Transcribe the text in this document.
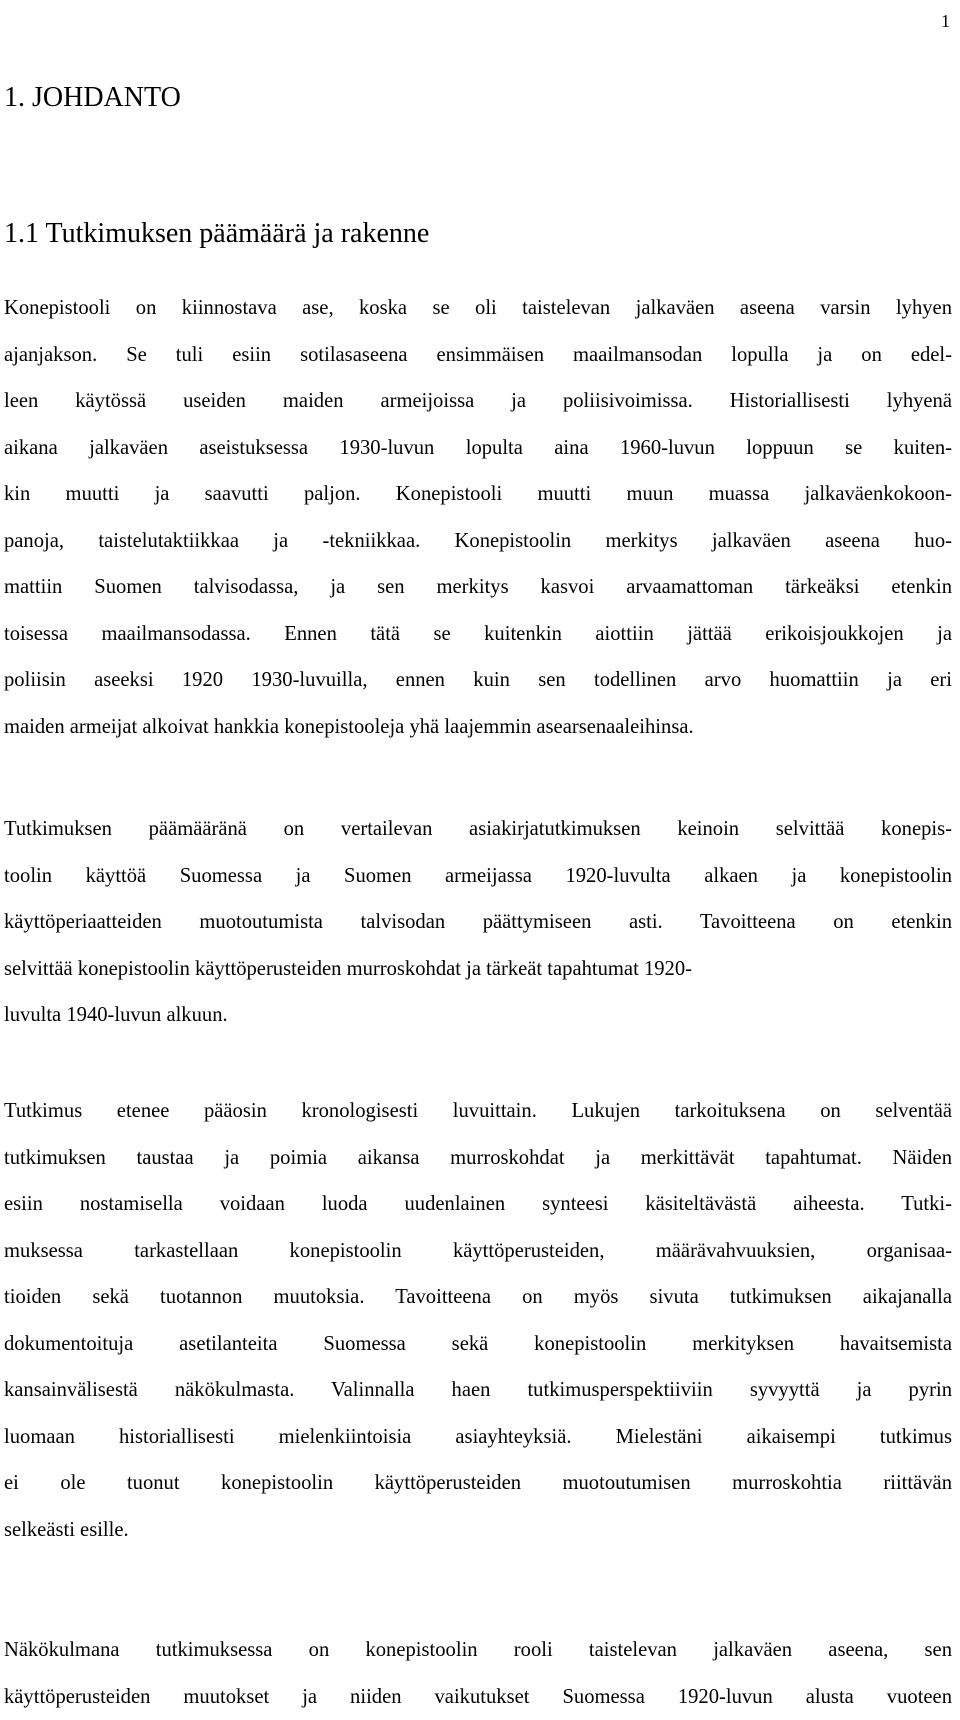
1
1. JOHDANTO
1.1 Tutkimuksen päämäärä ja rakenne

Konepistooli on kiinnostava ase, koska se oli taistelevan jalkaväen aseena varsin lyhyen
ajanjakson. Se tuli esiin sotilasaseena ensimmäisen maailmansodan lopulla ja on edel-
leen käytössä useiden maiden armeijoissa ja poliisivoimissa. Historiallisesti lyhyenä
aikana jalkaväen aseistuksessa 1930-luvun lopulta aina 1960-luvun loppuun se kuiten-
kin muutti ja saavutti paljon. Konepistooli muutti muun muassa jalkaväenkokoon-
panoja, taistelutaktiikkaa ja -tekniikkaa. Konepistoolin merkitys jalkaväen aseena huo-
mattiin Suomen talvisodassa, ja sen merkitys kasvoi arvaamattoman tärkeäksi etenkin
toisessa maailmansodassa. Ennen tätä se kuitenkin aiottiin jättää erikoisjoukkojen ja
poliisin aseeksi 1920 1930-luvuilla, ennen kuin sen todellinen arvo huomattiin ja eri
maiden armeijat alkoivat hankkia konepistooleja yhä laajemmin asearsenaaleihinsa.

Tutkimuksen päämääränä on vertailevan asiakirjatutkimuksen keinoin selvittää konepis-
toolin käyttöä Suomessa ja Suomen armeijassa 1920-luvulta alkaen ja konepistoolin
käyttöperiaatteiden muotoutumista talvisodan päättymiseen asti. Tavoitteena on etenkin
selvittää konepistoolin käyttöperusteiden murroskohdat ja tärkeät tapahtumat 1920-
luvulta 1940-luvun alkuun.

Tutkimus etenee pääosin kronologisesti luvuittain. Lukujen tarkoituksena on selventää
tutkimuksen taustaa ja poimia aikansa murroskohdat ja merkittävät tapahtumat. Näiden
esiin nostamisella voidaan luoda uudenlainen synteesi käsiteltävästä aiheesta. Tutki-
muksessa tarkastellaan konepistoolin käyttöperusteiden, määrävahvuuksien, organisaa-
tioiden sekä tuotannon muutoksia. Tavoitteena on myös sivuta tutkimuksen aikajanalla
dokumentoituja asetilanteita Suomessa sekä konepistoolin merkityksen havaitsemista
kansainvälisestä näkökulmasta. Valinnalla haen tutkimusperspektiiviin syvyyttä ja pyrin
luomaan historiallisesti mielenkiintoisia asiayhteyksiä. Mielestäni aikaisempi tutkimus
ei ole tuonut konepistoolin käyttöperusteiden muotoutumisen murroskohtia riittävän
selkeästi esille.

Näkökulmana tutkimuksessa on konepistoolin rooli taistelevan jalkaväen aseena, sen
käyttöperusteiden muutokset ja niiden vaikutukset Suomessa 1920-luvun alusta vuoteen
